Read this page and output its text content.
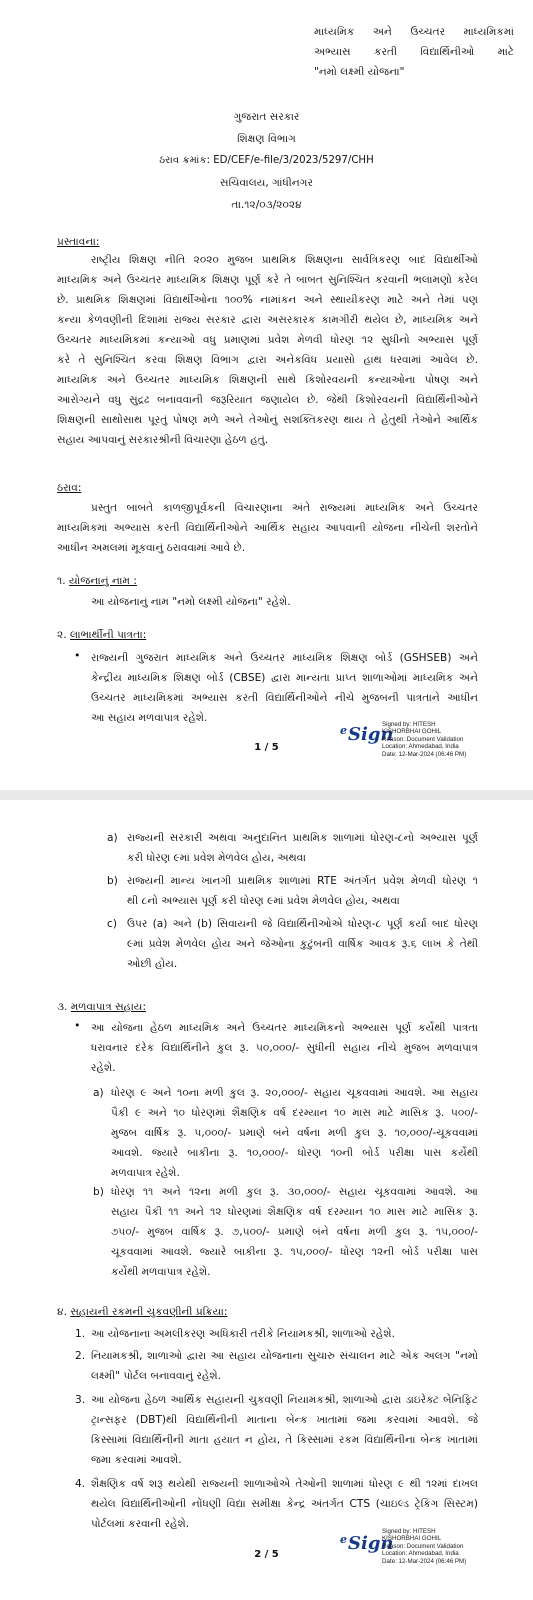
માધ્યમિક અને ઉચ્ચતર માધ્યમિકમાં
અભ્યાસ કરતી વિદ્યાર્થિનીઓ માટે
"નમો લક્ષ્મી યોજના"
ગુજરાત સરકાર
શિક્ષણ વિભાગ
ઠરાવ ક્રમાંક: ED/CEF/e-file/3/2023/5297/CHH
સચિવાલય, ગાંધીનગર
તા.૧૨/૦૩/૨૦૨૪
પ્રસ્તાવના:
રાષ્ટ્રીય શિક્ષણ નીતિ ૨૦૨૦ મુજબ પ્રાથમિક શિક્ષણના સાર્વત્રિકરણ બાદ વિદ્યાર્થીઓ
માધ્યમિક અને ઉચ્ચતર માધ્યમિક શિક્ષણ પૂર્ણ કરે તે બાબત સુનિશ્ચિત કરવાની ભલામણો કરેલ
છે. પ્રાથમિક શિક્ષણમાં વિદ્યાર્થીઓના ૧૦૦% નામાંકન અને સ્થાયીકરણ માટે અને તેમાં પણ
કન્યા કેળવણીની દિશામાં રાજ્ય સરકાર દ્વારા અસરકારક કામગીરી થયેલ છે, માધ્યમિક અને
ઉચ્ચતર માધ્યમિકમાં કન્યાઓ વધુ પ્રમાણમાં પ્રવેશ મેળવી ધોરણ ૧૨ સુધીનો અભ્યાસ પૂર્ણ
કરે તે સુનિશ્ચિત કરવા શિક્ષણ વિભાગ દ્વારા અનેકવિધ પ્રયાસો હાથ ધરવામાં આવેલ છે.
માધ્યમિક અને ઉચ્ચતર માધ્યમિક શિક્ષણની સાથે કિશોરવયની કન્યાઓના પોષણ અને
આરોગ્યને વધુ સુદ્રઢ બનાવવાની જરૂરિયાત જણાયેલ છે. જેથી કિશોરવયની વિદ્યાર્થિનીઓને
શિક્ષણની સાથોસાથ પૂરતું પોષણ મળે અને તેઓનું સશક્તિકરણ થાય તે હેતુથી તેઓને આર્થિક
સહાય આપવાનું સરકારશ્રીની વિચારણા હેઠળ હતું.
ઠરાવ:
પ્રસ્તુત બાબતે કાળજીપૂર્વકની વિચારણાના અંતે રાજ્યમાં માધ્યમિક અને ઉચ્ચતર
માધ્યમિકમાં અભ્યાસ કરતી વિદ્યાર્થિનીઓને આર્થિક સહાય આપવાની યોજના નીચેની શરતોને
આધીન અમલમાં મૂકવાનું ઠરાવવામાં આવે છે.
૧. યોજનાનું નામ :
આ યોજનાનું નામ "નમો લક્ષ્મી યોજના" રહેશે.
૨. લાભાર્થીની પાત્રતા:
• રાજ્યની ગુજરાત માધ્યમિક અને ઉચ્ચતર માધ્યમિક શિક્ષણ બોર્ડ (GSHSEB) અને
કેન્દ્રીય માધ્યમિક શિક્ષણ બોર્ડ (CBSE) દ્વારા માન્યતા પ્રાપ્ત શાળાઓમાં માધ્યમિક અને
ઉચ્ચતર માધ્યમિકમાં અભ્યાસ કરતી વિદ્યાર્થિનીઓને નીચે મુજબની પાત્રતાને આધીન
આ સહાય મળવાપાત્ર રહેશે.
$^e$Sign
Signed by: HITESH
KISHORBHAI GOHIL
Reason: Document Validation
Location: Ahmedabad, India
Date: 12-Mar-2024 (06:46 PM)
1 / 5
a) રાજ્યની સરકારી અથવા અનુદાનિત પ્રાથમિક શાળામાં ધોરણ-૮નો અભ્યાસ પૂર્ણ
કરી ધોરણ ૯માં પ્રવેશ મેળવેલ હોય, અથવા
b) રાજ્યની માન્ય ખાનગી પ્રાથમિક શાળામાં RTE અંતર્ગત પ્રવેશ મેળવી ધોરણ ૧
થી ૮નો અભ્યાસ પૂર્ણ કરી ધોરણ ૯માં પ્રવેશ મેળવેલ હોય, અથવા
c) ઉપર (a) અને (b) સિવાયની જે વિદ્યાર્થિનીઓએ ધોરણ-૮ પૂર્ણ કર્યા બાદ ધોરણ
૯માં પ્રવેશ મેળવેલ હોય અને જેઓના કુટુંબની વાર્ષિક આવક રૂ.૬ લાખ કે તેથી
ઓછી હોય.
૩. મળવાપાત્ર સહાય:
• આ યોજના હેઠળ માધ્યમિક અને ઉચ્ચતર માધ્યમિકનો અભ્યાસ પૂર્ણ કર્યેથી પાત્રતા
ધરાવનાર દરેક વિદ્યાર્થિનીને કુલ રૂ. ૫૦,૦૦૦/- સુધીની સહાય નીચે મુજબ મળવાપાત્ર
રહેશે.
a) ધોરણ ૯ અને ૧૦ના મળી કુલ રૂ. ૨૦,૦૦૦/- સહાય ચૂકવવામાં આવશે. આ સહાય
પૈકી ૯ અને ૧૦ ધોરણમાં શૈક્ષણિક વર્ષ દરમ્યાન ૧૦ માસ માટે માસિક રૂ. ૫૦૦/-
મુજબ વાર્ષિક રૂ. ૫,૦૦૦/- પ્રમાણે બંને વર્ષના મળી કુલ રૂ. ૧૦,૦૦૦/-ચૂકવવામાં
આવશે. જ્યારે બાકીના રૂ. ૧૦,૦૦૦/- ધોરણ ૧૦ની બોર્ડ પરીક્ષા પાસ કર્યેથી
મળવાપાત્ર રહેશે.
b) ધોરણ ૧૧ અને ૧૨ના મળી કુલ રૂ. ૩૦,૦૦૦/- સહાય ચૂકવવામાં આવશે. આ
સહાય પૈકી ૧૧ અને ૧૨ ધોરણમાં શૈક્ષણિક વર્ષ દરમ્યાન ૧૦ માસ માટે માસિક રૂ.
૭૫૦/- મુજબ વાર્ષિક રૂ. ૭,૫૦૦/- પ્રમાણે બંને વર્ષના મળી કુલ રૂ. ૧૫,૦૦૦/-
ચૂકવવામાં આવશે. જ્યારે બાકીના રૂ. ૧૫,૦૦૦/- ધોરણ ૧૨ની બોર્ડ પરીક્ષા પાસ
કર્યેથી મળવાપાત્ર રહેશે.
૪. સહાયની રકમની ચુકવણીની પ્રક્રિયા:
1. આ યોજનાના અમલીકરણ અધિકારી તરીકે નિયામકશ્રી, શાળાઓ રહેશે.
2. નિયામકશ્રી, શાળાઓ દ્વારા આ સહાય યોજનાના સુચારુ સંચાલન માટે એક અલગ "નમો
લક્ષ્મી" પોર્ટલ બનાવવાનું રહેશે.
3. આ યોજના હેઠળ આર્થિક સહાયની ચુકવણી નિયામકશ્રી, શાળાઓ દ્વારા ડાઇરેક્ટ બેનિફિટ
ટ્રાન્સફર (DBT)થી વિદ્યાર્થિનીની માતાના બેન્ક ખાતામાં જમા કરવામાં આવશે. જે
કિસ્સામાં વિદ્યાર્થિનીની માતા હયાત ન હોય, તે કિસ્સામાં રકમ વિદ્યાર્થિનીના બેન્ક ખાતામાં
જમા કરવામાં આવશે.
4. શૈક્ષણિક વર્ષ શરૂ થયેથી રાજ્યની શાળાઓએ તેઓની શાળામાં ધોરણ ૯ થી ૧૨માં દાખલ
થયેલ વિદ્યાર્થિનીઓની નોંધણી વિદ્યા સમીક્ષા કેન્દ્ર અંતર્ગત CTS (ચાઇલ્ડ ટ્રેકિંગ સિસ્ટમ)
પોર્ટલમાં કરવાની રહેશે.
$^e$Sign
Signed by: HITESH
KISHORBHAI GOHIL
Reason: Document Validation
Location: Ahmedabad, India
Date: 12-Mar-2024 (06:46 PM)
2 / 5
